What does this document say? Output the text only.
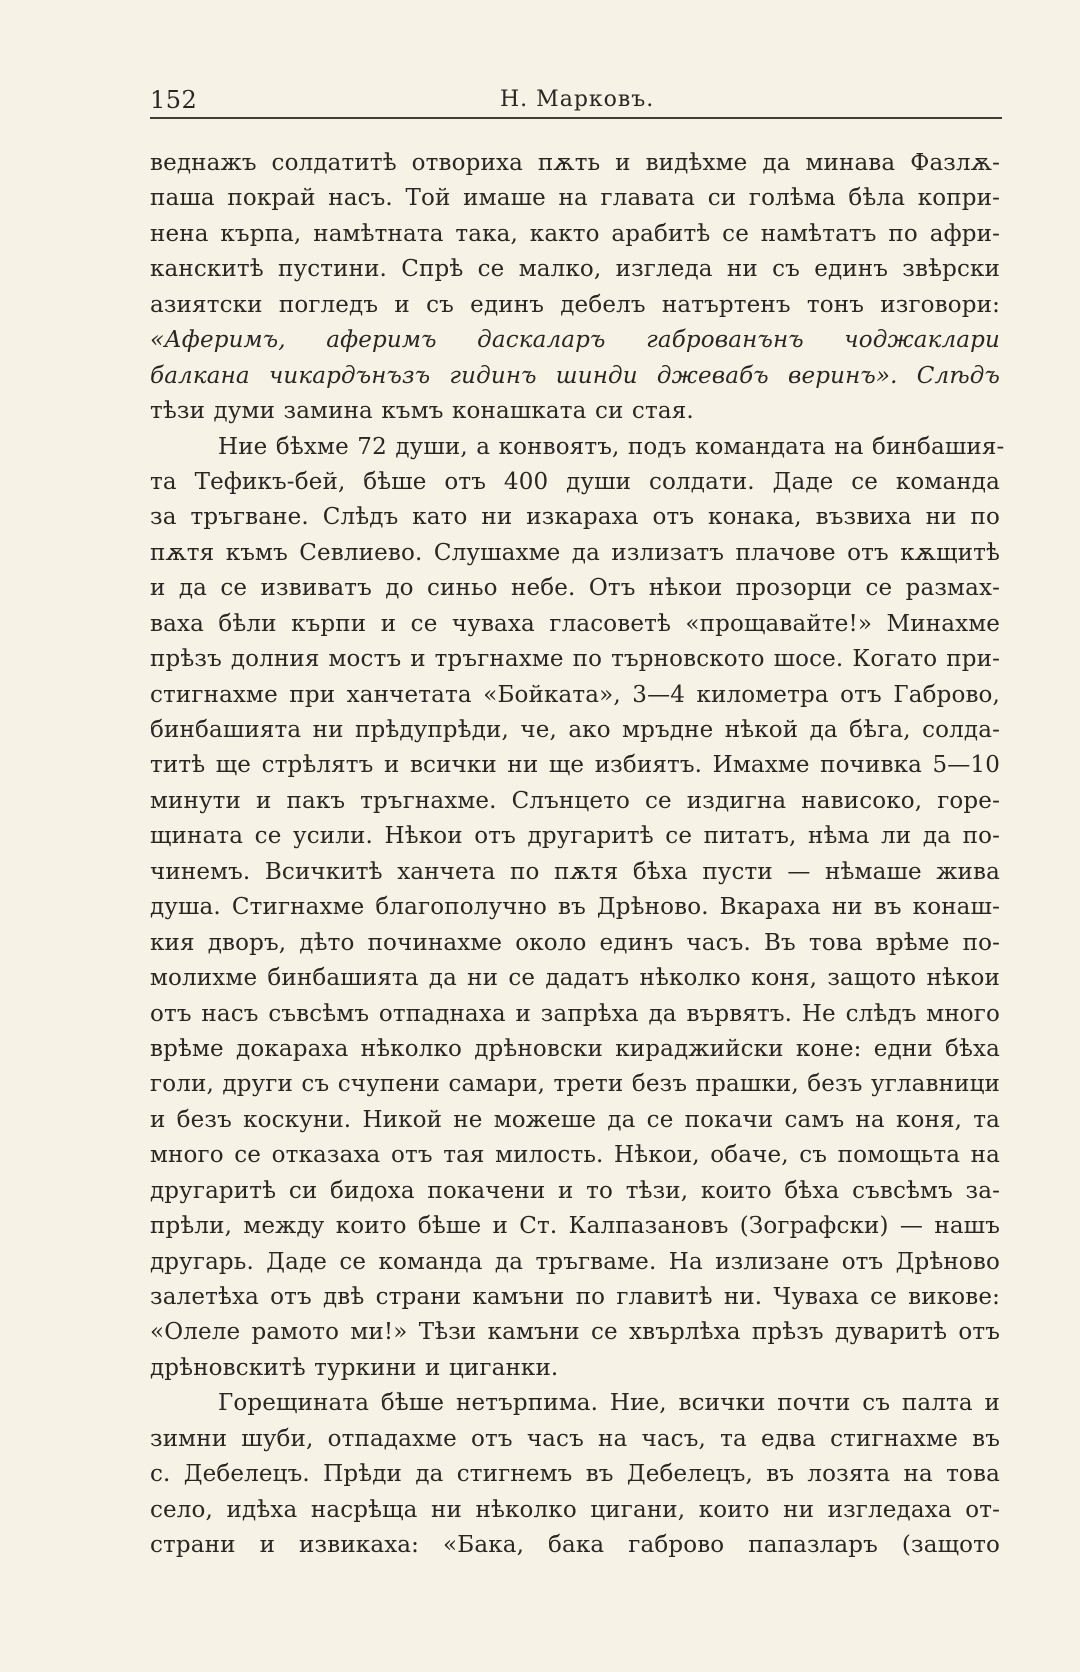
152	Н. Марковъ.
веднажъ солдатитѣ отвориха пѫть и видѣхме да минава Фазлѫ-
паша покрай насъ. Той имаше на главата си голѣма бѣла копри-
нена кърпа, намѣтната така, както арабитѣ се намѣтатъ по афри-
канскитѣ пустини. Спрѣ се малко, изгледа ни съ единъ звѣрски
азиятски погледъ и съ единъ дебелъ натъртенъ тонъ изговори:
«Аферимъ, аферимъ даскаларъ габрованънъ чоджаклари
балкана чикардънъзъ гидинъ шинди джевабъ веринъ». Слѣдъ
тѣзи думи замина къмъ конашката си стая.
Ние бѣхме 72 души, а конвоятъ, подъ командата на бинбашия-
та Тефикъ-бей, бѣше отъ 400 души солдати. Даде се команда
за тръгване. Слѣдъ като ни изкараха отъ конака, възвиха ни по
пѫтя къмъ Севлиево. Слушахме да излизатъ плачове отъ кѫщитѣ
и да се извиватъ до синьо небе. Отъ нѣкои прозорци се размах-
ваха бѣли кърпи и се чуваха гласоветѣ «прощавайте!» Минахме
прѣзъ долния мостъ и тръгнахме по търновското шосе. Когато при-
стигнахме при ханчетата «Бойката», 3—4 километра отъ Габрово,
бинбашията ни прѣдупрѣди, че, ако мръдне нѣкой да бѣга, солда-
титѣ ще стрѣлятъ и всички ни ще избиятъ. Имахме почивка 5—10
минути и пакъ тръгнахме. Слънцето се издигна нависоко, горе-
щината се усили. Нѣкои отъ другаритѣ се питатъ, нѣма ли да по-
чинемъ. Всичкитѣ ханчета по пѫтя бѣха пусти — нѣмаше жива
душа. Стигнахме благополучно въ Дрѣново. Вкараха ни въ конаш-
кия дворъ, дѣто починахме около единъ часъ. Въ това врѣме по-
молихме бинбашията да ни се дадатъ нѣколко коня, защото нѣкои
отъ насъ съвсѣмъ отпаднаха и запрѣха да вървятъ. Не слѣдъ много
врѣме докараха нѣколко дрѣновски кираджийски коне: едни бѣха
голи, други съ счупени самари, трети безъ прашки, безъ углавници
и безъ коскуни. Никой не можеше да се покачи самъ на коня, та
много се отказаха отъ тая милость. Нѣкои, обаче, съ помощьта на
другаритѣ си бидоха покачени и то тѣзи, които бѣха съвсѣмъ за-
прѣли, между които бѣше и Ст. Калпазановъ (Зографски) — нашъ
другарь. Даде се команда да тръгваме. На излизане отъ Дрѣново
залетѣха отъ двѣ страни камъни по главитѣ ни. Чуваха се викове:
«Олеле рамото ми!» Тѣзи камъни се хвърлѣха прѣзъ дуваритѣ отъ
дрѣновскитѣ туркини и циганки.
Горещината бѣше нетърпима. Ние, всички почти съ палта и
зимни шуби, отпадахме отъ часъ на часъ, та едва стигнахме въ
с. Дебелецъ. Прѣди да стигнемъ въ Дебелецъ, въ лозята на това
село, идѣха насрѣща ни нѣколко цигани, които ни изгледаха от-
страни и извикаха: «Бака, бака габрово папазларъ (защото
